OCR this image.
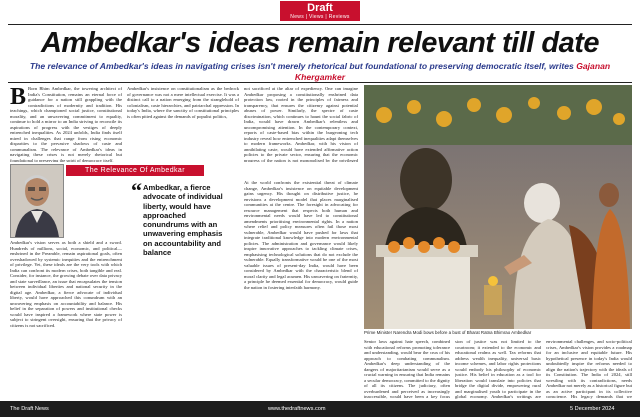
Draft
News | Views | Reviews
Ambedkar's ideas remain relevant till date
The relevance of Ambedkar's ideas in navigating crises isn't merely rhetorical but foundational to preserving democratic itself, writes Gajanan Khergamker
B Born Bhim Ambedkar, the towering architect of India's Constitution, remains an eternal force of guidance for a nation still grappling with the contradictions of modernity and tradition. His teachings, which championed social justice, constitutional morality, and an unwavering commitment to equality, continue to hold a mirror to an India striving to reconcile its aspirations of progress with the vestiges of deeply entrenched inequalities. As 2024 unfolds, India finds itself mired in challenges that range from rising economic disparities to the pervasive shadows of caste and communalism. The relevance of Ambedkar's ideas in navigating these crises is not merely rhetorical but foundational to preserving the spirit of democracy itself.
Ambedkar's insistence on constitutionalism as the bedrock of governance was not a mere intellectual exercise. It was a distinct call to a nation emerging from the stranglehold of colonialism, caste hierarchies, and patriarchal oppression. In today's India, where the sanctity of constitutional principles is often pitted against the demands of populist politics,
not sacrificed at the altar of expediency. One can imagine Ambedkar proposing a constitutionally enshrined data protection law, rooted in the principles of fairness and transparency, that ensures the citizenry against potential abuses of power. Similarly, the spectre of caste discrimination, which continues to haunt the social fabric of India, would have drawn Ambedkar's relentless and uncompromising attention. In the contemporary context, reports of caste-based bias within the burgeoning tech industry reveal how entrenched inequalities adapt themselves to modern frameworks. Ambedkar, with his vision of annihilating caste, would have extended affirmative action policies to the private sector, ensuring that the economic progress of the nation is not monopolised by the privileged
The Relevance Of Ambedkar
“ Ambedkar, a fierce advocate of individual liberty, would have approached conundrums with an unwavering emphasis on accountability and balance
Ambedkar's vision serves as both a shield and a sword. Hundreds of millions, social, economic, and political—enshrined in the Preamble, remain aspirational goals, often overshadowed by systemic inequities and the entrenchment of privilege. Yet, these ideals are the very tools with which India can confront its modern crises, both tangible and real. Consider, for instance, the growing debate over data privacy and state surveillance, an issue that encapsulates the tension between individual liberties and national security in the digital age. Ambedkar, a fierce advocate of individual liberty, would have approached this conundrum with an unwavering emphasis on accountability and balance. His belief in the separation of powers and institutional checks would have inspired a framework where state power is subject to stringent oversight, ensuring that the privacy of citizens is not sacrificed.
At the world confronts the existential threat of climate change, Ambedkar's insistence on equitable development gains urgency. His thought on distributive justice, he envisions a development model that places marginalised communities at the centre. The foresight in advocating for resource management that respects both human and environmental needs would have led to constitutional amendments prioritising environmental rights. In a nation where relief and policy measures often fail those most vulnerable, Ambedkar would have pushed for laws that integrate traditional knowledge into modern environmental policies. The administration and governance would likely inspire innovative approaches to tackling climate crises, emphasising technological solutions that do not exclude the vulnerable. Equally transformative would be one of the most valuable issues of present-day India, would have been considered by Ambedkar with the characteristic blend of moral clarity and legal acumen. His unwavering on fraternity, a principle he deemed essential for democracy, would guide the nation in fostering interfaith harmony.
Prime Minister Narendra Modi bows before a bust of Bharat Ratna Bhimrao Ambedkar
Senior laws against hate speech, combined with educational reforms promoting tolerance and understanding, would bear the crux of his approach to combating communalism. Ambedkar's deep understanding of the dangers of majoritarianism would serve as a crucial warning in ensuring that India remains a secular democracy, committed to the dignity of all its citizens. The judiciary, often overburdened and perceived as increasingly inaccessible, would have been a key focus
sion of justice was not limited to the courtroom; it extended to the economic and educational realms as well. Tax reforms that address wealth inequality, universal basic income schemes, and labor rights protections would embody his philosophy of economic justice. His belief in education as a tool for liberation would translate into policies that bridge the digital divide, empowering rural and marginalised youth to participate in the global economy. Ambedkar's writings are
environmental challenges, and socio-political crises, Ambedkar's vision provides a roadmap for an inclusive and equitable future. His hypothetical presence in today's India would undoubtedly inspire the reforms needed to align the nation's trajectory with the ideals of its Constitution. The India of 2024, still wrestling with its contradictions, needs Ambedkar not merely as a historical figure but as an active participant in its collective conscience. His legacy demands that we
The Draft News	www.thedraftnews.com	5 December 2024
